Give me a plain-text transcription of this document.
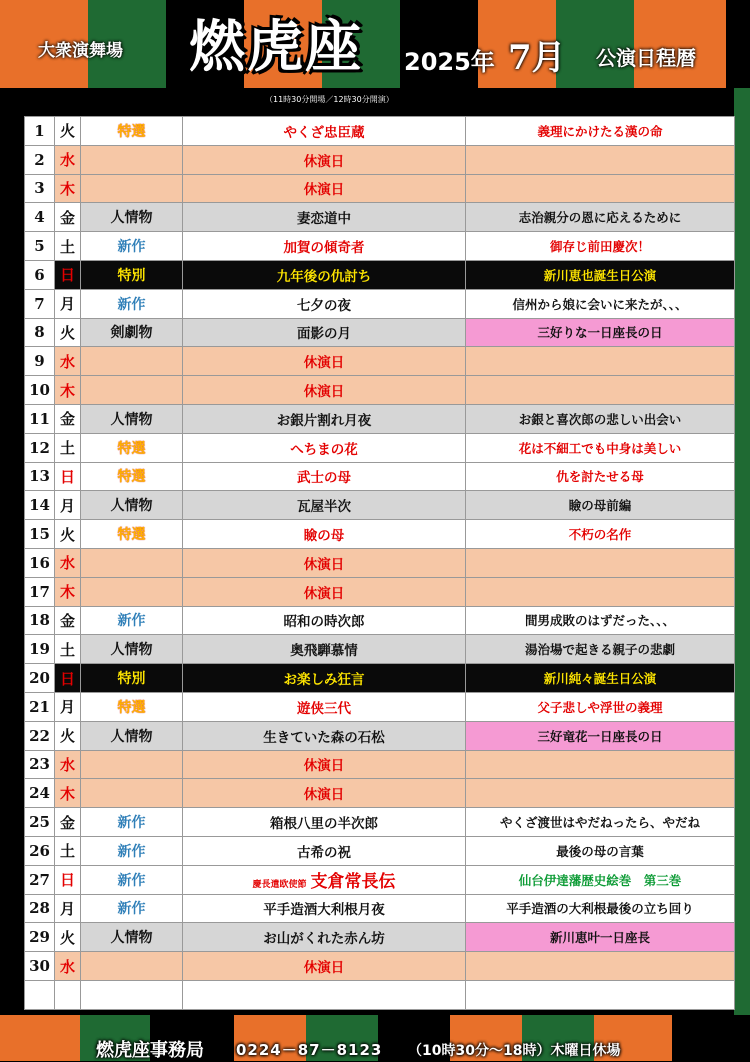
大衆演舞場 燃虎座	2025年 7月 公演日程暦
（11時30分開場／12時30分開演）
1	火	特選	やくざ忠臣蔵	義理にかけたる漢の命
2	水		休演日	
3	木		休演日	
4	金	人情物	妻恋道中	志治親分の恩に応えるために
5	土	新作	加賀の傾奇者	御存じ前田慶次！
6	日	特別	九年後の仇討ち	新川恵也誕生日公演
7	月	新作	七夕の夜	信州から娘に会いに来たが、、、
8	火	剣劇物	面影の月	三好りな一日座長の日
9	水		休演日	
10	木		休演日	
11	金	人情物	お銀片割れ月夜	お銀と喜次郎の悲しい出会い
12	土	特選	へちまの花	花は不細工でも中身は美しい
13	日	特選	武士の母	仇を討たせる母
14	月	人情物	瓦屋半次	瞼の母前編
15	火	特選	瞼の母	不朽の名作
16	水		休演日	
17	木		休演日	
18	金	新作	昭和の時次郎	間男成敗のはずだった、、、
19	土	人情物	奥飛騨慕情	湯治場で起きる親子の悲劇
20	日	特別	お楽しみ狂言	新川純々誕生日公演
21	月	特選	遊侠三代	父子悲しや浮世の義理
22	火	人情物	生きていた森の石松	三好竜花一日座長の日
23	水		休演日	
24	木		休演日	
25	金	新作	箱根八里の半次郎	やくざ渡世はやだねったら、やだね
26	土	新作	古希の祝	最後の母の言葉
27	日	新作	慶長遣欧使節 支倉常長伝	仙台伊達藩歴史絵巻　第三巻
28	月	新作	平手造酒大利根月夜	平手造酒の大利根最後の立ち回り
29	火	人情物	お山がくれた赤ん坊	新川恵叶一日座長
30	水		休演日	

燃虎座事務局 0224－87－8123 （10時30分～18時）木曜日休場
